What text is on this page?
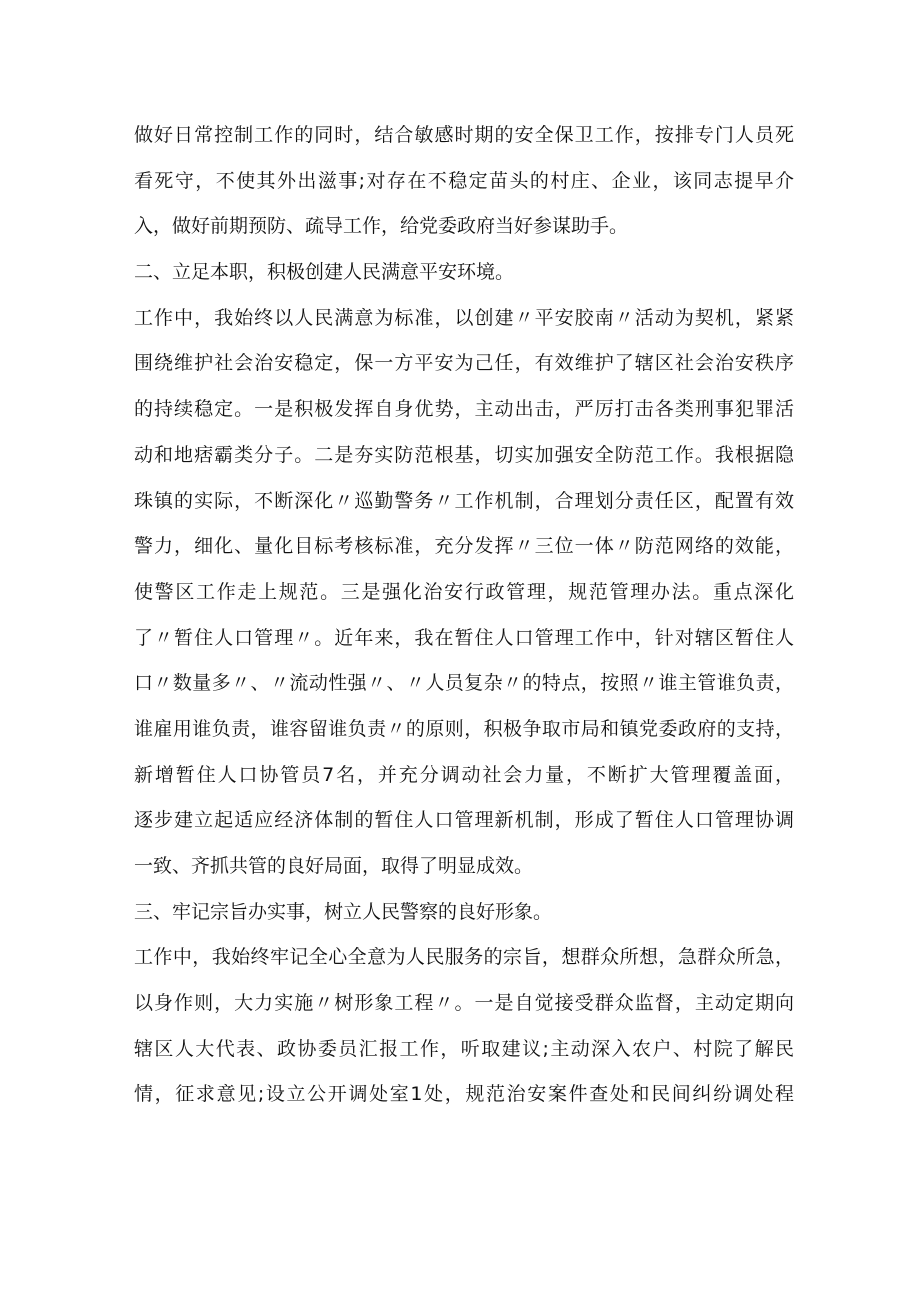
做好日常控制工作的同时，结合敏感时期的安全保卫工作，按排专门人员死
看死守，不使其外出滋事;对存在不稳定苗头的村庄、企业，该同志提早介
入，做好前期预防、疏导工作，给党委政府当好参谋助手。
二、立足本职，积极创建人民满意平安环境。
工作中，我始终以人民满意为标准，以创建〃平安胶南〃活动为契机，紧紧
围绕维护社会治安稳定，保一方平安为己任，有效维护了辖区社会治安秩序
的持续稳定。一是积极发挥自身优势，主动出击，严厉打击各类刑事犯罪活
动和地痞霸类分子。二是夯实防范根基，切实加强安全防范工作。我根据隐
珠镇的实际，不断深化〃巡勤警务〃工作机制，合理划分责任区，配置有效
警力，细化、量化目标考核标准，充分发挥〃三位一体〃防范网络的效能，
使警区工作走上规范。三是强化治安行政管理，规范管理办法。重点深化
了〃暂住人口管理〃。近年来，我在暂住人口管理工作中，针对辖区暂住人
口〃数量多〃、〃流动性强〃、〃人员复杂〃的特点，按照〃谁主管谁负责，
谁雇用谁负责，谁容留谁负责〃的原则，积极争取市局和镇党委政府的支持，
新增暂住人口协管员7名，并充分调动社会力量，不断扩大管理覆盖面，
逐步建立起适应经济体制的暂住人口管理新机制，形成了暂住人口管理协调
一致、齐抓共管的良好局面，取得了明显成效。
三、牢记宗旨办实事，树立人民警察的良好形象。
工作中，我始终牢记全心全意为人民服务的宗旨，想群众所想，急群众所急，
以身作则，大力实施〃树形象工程〃。一是自觉接受群众监督，主动定期向
辖区人大代表、政协委员汇报工作，听取建议;主动深入农户、村院了解民
情，征求意见;设立公开调处室1处，规范治安案件查处和民间纠纷调处程
